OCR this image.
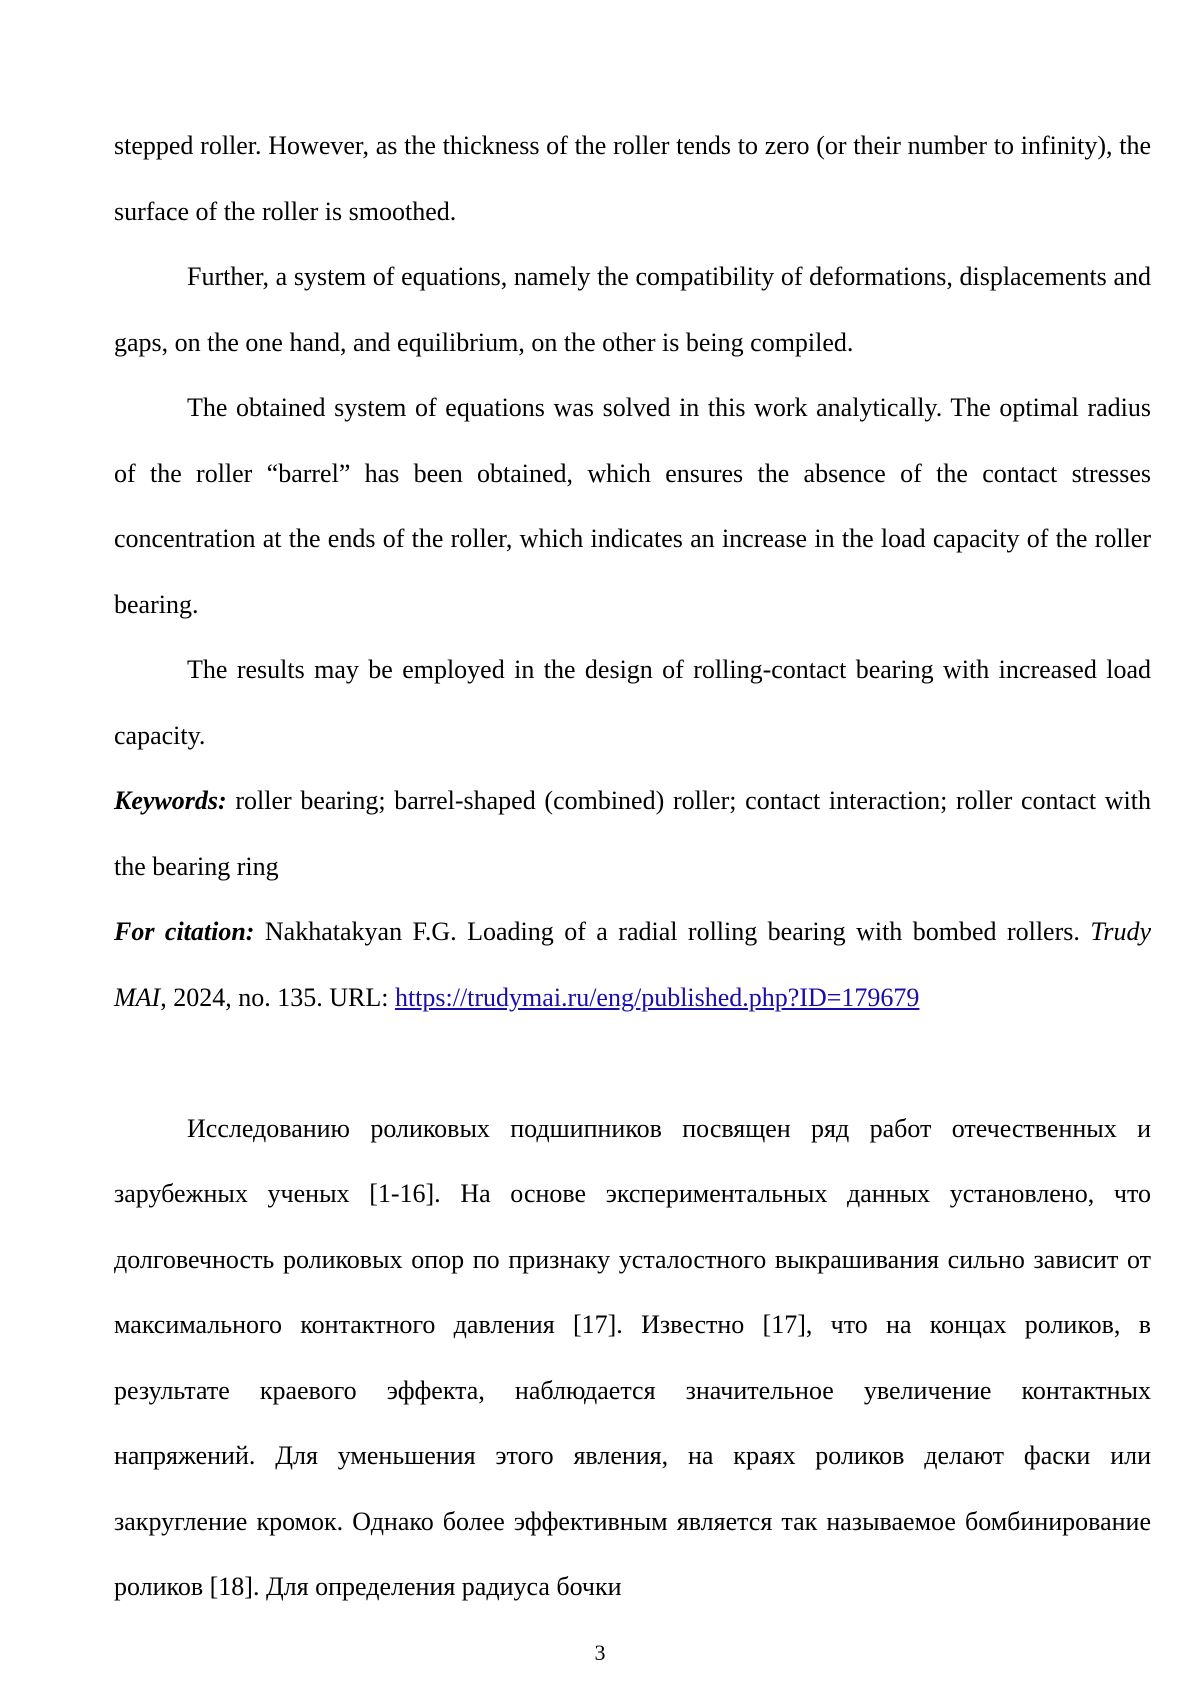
stepped roller. However, as the thickness of the roller tends to zero (or their number to infinity), the surface of the roller is smoothed.

Further, a system of equations, namely the compatibility of deformations, displacements and gaps, on the one hand, and equilibrium, on the other is being compiled.

The obtained system of equations was solved in this work analytically. The optimal radius of the roller “barrel” has been obtained, which ensures the absence of the contact stresses concentration at the ends of the roller, which indicates an increase in the load capacity of the roller bearing.

The results may be employed in the design of rolling-contact bearing with increased load capacity.

Keywords: roller bearing; barrel-shaped (combined) roller; contact interaction; roller contact with the bearing ring

For citation: Nakhatakyan F.G. Loading of a radial rolling bearing with bombed rollers. Trudy MAI, 2024, no. 135. URL: https://trudymai.ru/eng/published.php?ID=179679

Исследованию роликовых подшипников посвящен ряд работ отечественных и зарубежных ученых [1-16]. На основе экспериментальных данных установлено, что долговечность роликовых опор по признаку усталостного выкрашивания сильно зависит от максимального контактного давления [17]. Известно [17], что на концах роликов, в результате краевого эффекта, наблюдается значительное увеличение контактных напряжений. Для уменьшения этого явления, на краях роликов делают фаски или закругление кромок. Однако более эффективным является так называемое бомбинирование роликов [18]. Для определения радиуса бочки

3
